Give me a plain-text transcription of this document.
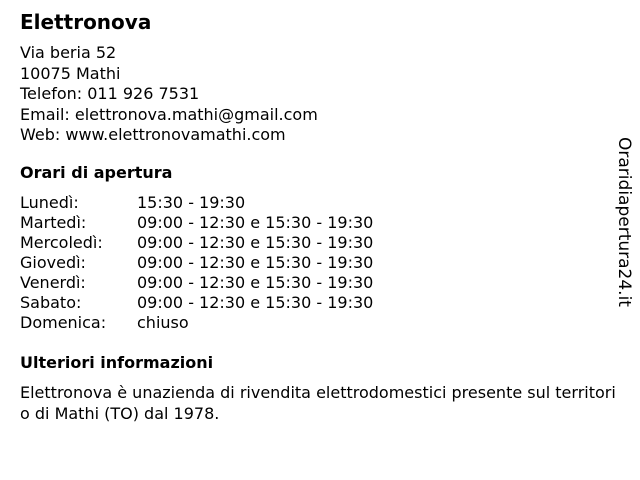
Elettronova
Via beria 52
10075 Mathi
Telefon: 011 926 7531
Email: elettronova.mathi@gmail.com
Web: www.elettronovamathi.com
Orari di apertura
Lunedì:	15:30 - 19:30
Martedì:	09:00 - 12:30 e 15:30 - 19:30
Mercoledì:	09:00 - 12:30 e 15:30 - 19:30
Giovedì:	09:00 - 12:30 e 15:30 - 19:30
Venerdì:	09:00 - 12:30 e 15:30 - 19:30
Sabato:	09:00 - 12:30 e 15:30 - 19:30
Domenica:	chiuso
Ulteriori informazioni
Elettronova è unazienda di rivendita elettrodomestici presente sul territorio di Mathi (TO) dal 1978.
Oraridiapertura24.it
